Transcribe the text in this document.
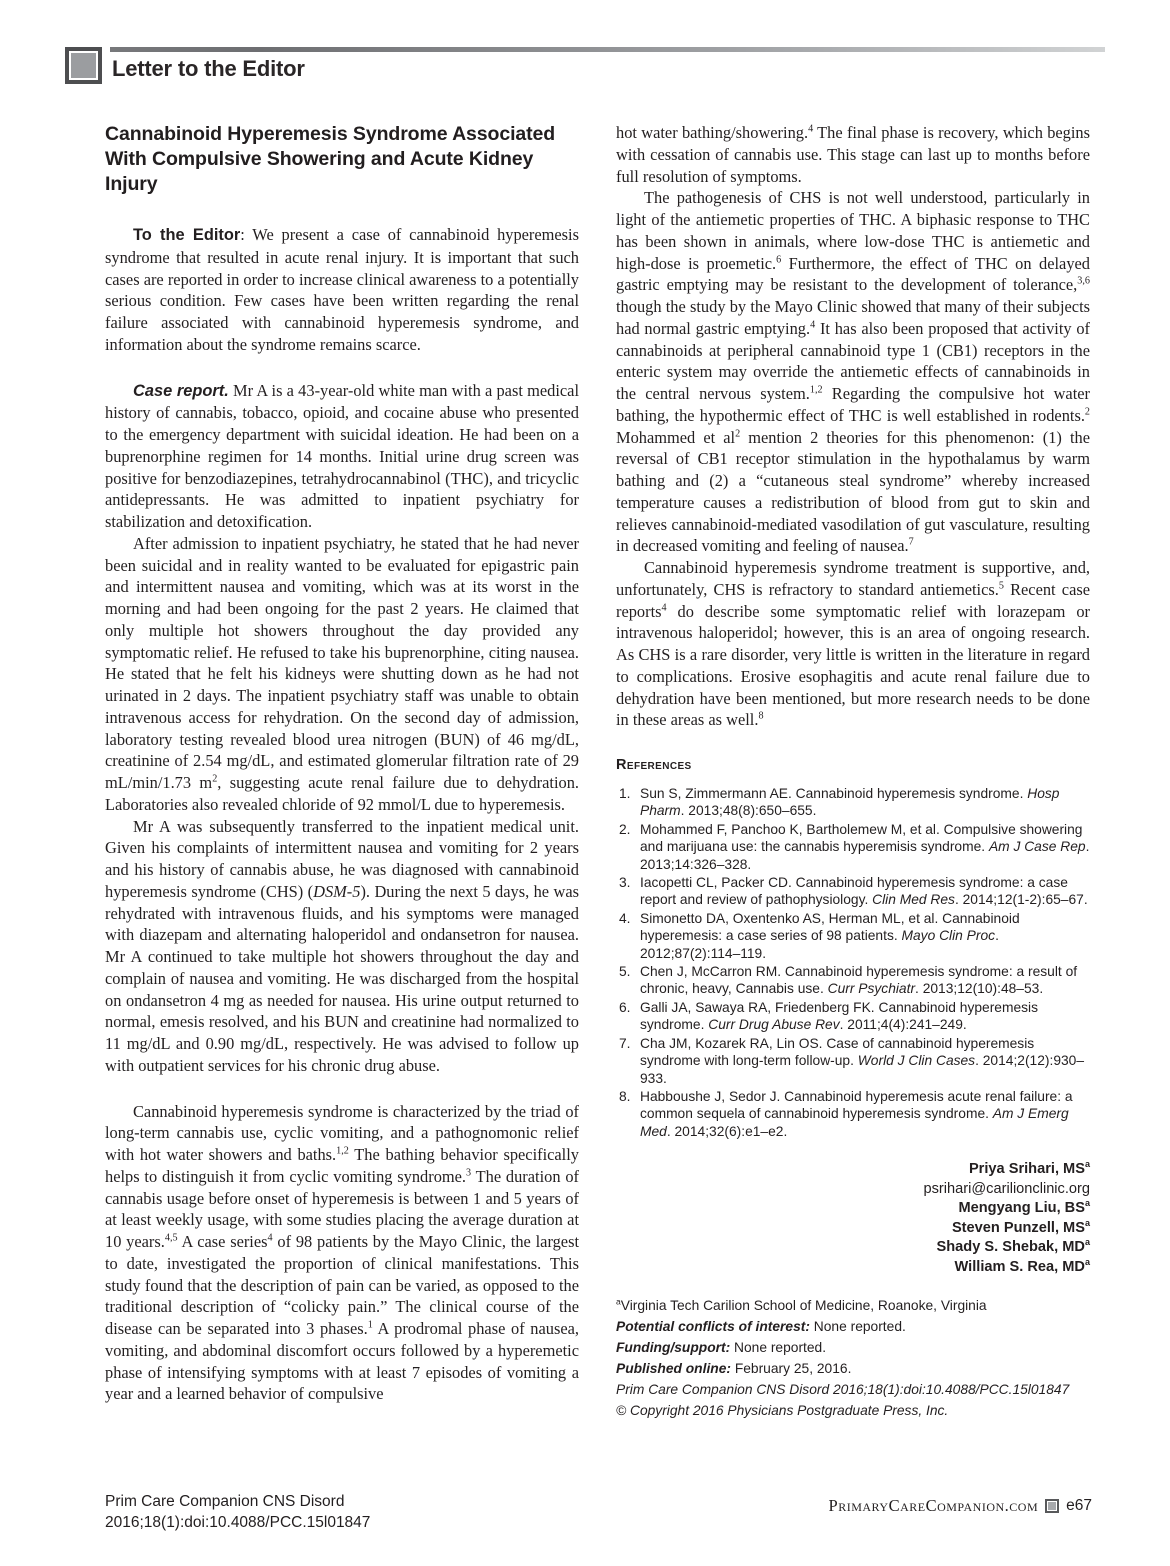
Letter to the Editor
Cannabinoid Hyperemesis Syndrome Associated With Compulsive Showering and Acute Kidney Injury
To the Editor: We present a case of cannabinoid hyperemesis syndrome that resulted in acute renal injury. It is important that such cases are reported in order to increase clinical awareness to a potentially serious condition. Few cases have been written regarding the renal failure associated with cannabinoid hyperemesis syndrome, and information about the syndrome remains scarce.
Case report. Mr A is a 43-year-old white man with a past medical history of cannabis, tobacco, opioid, and cocaine abuse who presented to the emergency department with suicidal ideation. He had been on a buprenorphine regimen for 14 months. Initial urine drug screen was positive for benzodiazepines, tetrahydrocannabinol (THC), and tricyclic antidepressants. He was admitted to inpatient psychiatry for stabilization and detoxification.
After admission to inpatient psychiatry, he stated that he had never been suicidal and in reality wanted to be evaluated for epigastric pain and intermittent nausea and vomiting, which was at its worst in the morning and had been ongoing for the past 2 years. He claimed that only multiple hot showers throughout the day provided any symptomatic relief. He refused to take his buprenorphine, citing nausea. He stated that he felt his kidneys were shutting down as he had not urinated in 2 days. The inpatient psychiatry staff was unable to obtain intravenous access for rehydration. On the second day of admission, laboratory testing revealed blood urea nitrogen (BUN) of 46 mg/dL, creatinine of 2.54 mg/dL, and estimated glomerular filtration rate of 29 mL/min/1.73 $m^2$, suggesting acute renal failure due to dehydration. Laboratories also revealed chloride of 92 mmol/L due to hyperemesis.
Mr A was subsequently transferred to the inpatient medical unit. Given his complaints of intermittent nausea and vomiting for 2 years and his history of cannabis abuse, he was diagnosed with cannabinoid hyperemesis syndrome (CHS) (DSM-5). During the next 5 days, he was rehydrated with intravenous fluids, and his symptoms were managed with diazepam and alternating haloperidol and ondansetron for nausea. Mr A continued to take multiple hot showers throughout the day and complain of nausea and vomiting. He was discharged from the hospital on ondansetron 4 mg as needed for nausea. His urine output returned to normal, emesis resolved, and his BUN and creatinine had normalized to 11 mg/dL and 0.90 mg/dL, respectively. He was advised to follow up with outpatient services for his chronic drug abuse.
Cannabinoid hyperemesis syndrome is characterized by the triad of long-term cannabis use, cyclic vomiting, and a pathognomonic relief with hot water showers and baths.$^{1,2}$ The bathing behavior specifically helps to distinguish it from cyclic vomiting syndrome.$^3$ The duration of cannabis usage before onset of hyperemesis is between 1 and 5 years of at least weekly usage, with some studies placing the average duration at 10 years.$^{4,5}$ A case series$^4$ of 98 patients by the Mayo Clinic, the largest to date, investigated the proportion of clinical manifestations. This study found that the description of pain can be varied, as opposed to the traditional description of “colicky pain.” The clinical course of the disease can be separated into 3 phases.$^1$ A prodromal phase of nausea, vomiting, and abdominal discomfort occurs followed by a hyperemetic phase of intensifying symptoms with at least 7 episodes of vomiting a year and a learned behavior of compulsive
hot water bathing/showering.$^4$ The final phase is recovery, which begins with cessation of cannabis use. This stage can last up to months before full resolution of symptoms.
The pathogenesis of CHS is not well understood, particularly in light of the antiemetic properties of THC. A biphasic response to THC has been shown in animals, where low-dose THC is antiemetic and high-dose is proemetic.$^6$ Furthermore, the effect of THC on delayed gastric emptying may be resistant to the development of tolerance,$^{3,6}$ though the study by the Mayo Clinic showed that many of their subjects had normal gastric emptying.$^4$ It has also been proposed that activity of cannabinoids at peripheral cannabinoid type 1 (CB1) receptors in the enteric system may override the antiemetic effects of cannabinoids in the central nervous system.$^{1,2}$ Regarding the compulsive hot water bathing, the hypothermic effect of THC is well established in rodents.$^2$ Mohammed et $al^2$ mention 2 theories for this phenomenon: (1) the reversal of CB1 receptor stimulation in the hypothalamus by warm bathing and (2) a “cutaneous steal syndrome” whereby increased temperature causes a redistribution of blood from gut to skin and relieves cannabinoid-mediated vasodilation of gut vasculature, resulting in decreased vomiting and feeling of nausea.$^7$
Cannabinoid hyperemesis syndrome treatment is supportive, and, unfortunately, CHS is refractory to standard antiemetics.$^5$ Recent case reports$^4$ do describe some symptomatic relief with lorazepam or intravenous haloperidol; however, this is an area of ongoing research. As CHS is a rare disorder, very little is written in the literature in regard to complications. Erosive esophagitis and acute renal failure due to dehydration have been mentioned, but more research needs to be done in these areas as well.$^8$
References
1. Sun S, Zimmermann AE. Cannabinoid hyperemesis syndrome. Hosp Pharm. 2013;48(8):650–655.
2. Mohammed F, Panchoo K, Bartholemew M, et al. Compulsive showering and marijuana use: the cannabis hyperemisis syndrome. Am J Case Rep. 2013;14:326–328.
3. Iacopetti CL, Packer CD. Cannabinoid hyperemesis syndrome: a case report and review of pathophysiology. Clin Med Res. 2014;12(1-2):65–67.
4. Simonetto DA, Oxentenko AS, Herman ML, et al. Cannabinoid hyperemesis: a case series of 98 patients. Mayo Clin Proc. 2012;87(2):114–119.
5. Chen J, McCarron RM. Cannabinoid hyperemesis syndrome: a result of chronic, heavy, Cannabis use. Curr Psychiatr. 2013;12(10):48–53.
6. Galli JA, Sawaya RA, Friedenberg FK. Cannabinoid hyperemesis syndrome. Curr Drug Abuse Rev. 2011;4(4):241–249.
7. Cha JM, Kozarek RA, Lin OS. Case of cannabinoid hyperemesis syndrome with long-term follow-up. World J Clin Cases. 2014;2(12):930–933.
8. Habboushe J, Sedor J. Cannabinoid hyperemesis acute renal failure: a common sequela of cannabinoid hyperemesis syndrome. Am J Emerg Med. 2014;32(6):e1–e2.
Priya Srihari, $MS^a$
psrihari@carilionclinic.org
Mengyang Liu, $BS^a$
Steven Punzell, $MS^a$
Shady S. Shebak, $MD^a$
William S. Rea, $MD^a$
$^a$Virginia Tech Carilion School of Medicine, Roanoke, Virginia
Potential conflicts of interest: None reported.
Funding/support: None reported.
Published online: February 25, 2016.
Prim Care Companion CNS Disord 2016;18(1):doi:10.4088/PCC.15l01847
© Copyright 2016 Physicians Postgraduate Press, Inc.
Prim Care Companion CNS Disord
2016;18(1):doi:10.4088/PCC.15l01847
PrimaryCareCompanion.com e67
